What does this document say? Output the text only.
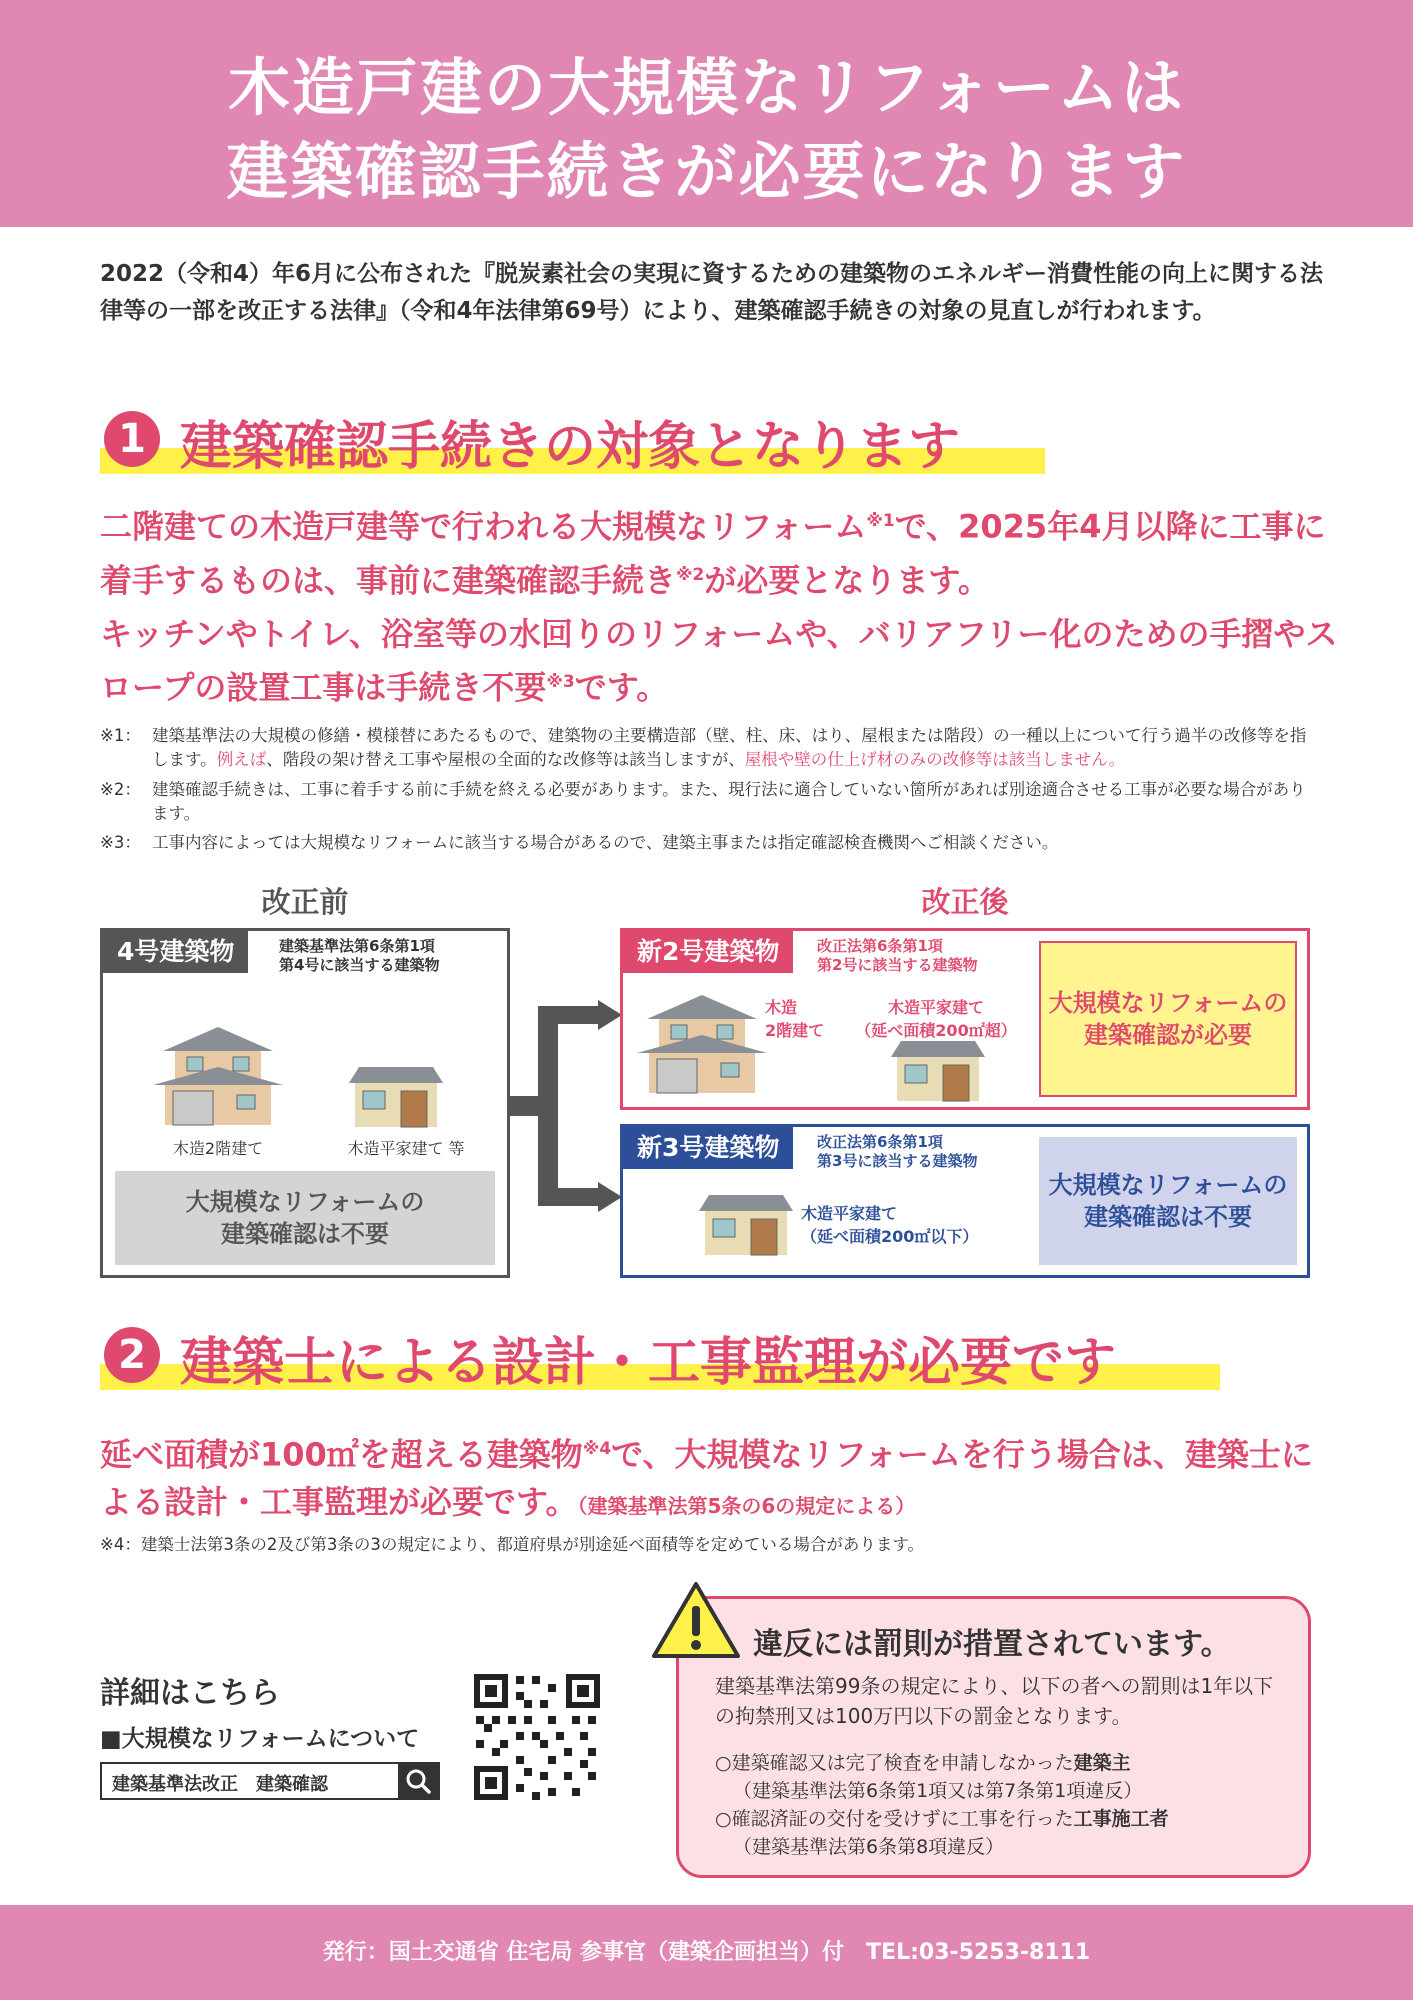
木造戸建の大規模なリフォームは
建築確認手続きが必要になります
2022（令和4）年6月に公布された『脱炭素社会の実現に資するための建築物のエネルギー消費性能の向上に関する法律等の一部を改正する法律』（令和4年法律第69号）により、建築確認手続きの対象の見直しが行われます。
1 建築確認手続きの対象となります
二階建ての木造戸建等で行われる大規模なリフォーム$^{※1}$で、2025年4月以降に工事に着手するものは、事前に建築確認手続き$^{※2}$が必要となります。
キッチンやトイレ、浴室等の水回りのリフォームや、バリアフリー化のための手摺やスロープの設置工事は手続き不要$^{※3}$です。
※1： 建築基準法の大規模の修繕・模様替にあたるもので、建築物の主要構造部（壁、柱、床、はり、屋根または階段）の一種以上について行う過半の改修等を指します。例えば、階段の架け替え工事や屋根の全面的な改修等は該当しますが、屋根や壁の仕上げ材のみの改修等は該当しません。
※2： 建築確認手続きは、工事に着手する前に手続を終える必要があります。また、現行法に適合していない箇所があれば別途適合させる工事が必要な場合があります。
※3： 工事内容によっては大規模なリフォームに該当する場合があるので、建築主事または指定確認検査機関へご相談ください。
改正前	改正後
4号建築物	建築基準法第6条第1項
第4号に該当する建築物
木造2階建て	木造平家建て 等
大規模なリフォームの
建築確認は不要
新2号建築物	改正法第6条第1項
第2号に該当する建築物
木造
2階建て
木造平家建て
（延べ面積200㎡超）
大規模なリフォームの
建築確認が必要
新3号建築物	改正法第6条第1項
第3号に該当する建築物
木造平家建て
（延べ面積200㎡以下）
大規模なリフォームの
建築確認は不要
2 建築士による設計・工事監理が必要です
延べ面積が100㎡を超える建築物$^{※4}$で、大規模なリフォームを行う場合は、建築士による設計・工事監理が必要です。（建築基準法第5条の6の規定による）
※4：建築士法第3条の2及び第3条の3の規定により、都道府県が別途延べ面積等を定めている場合があります。
詳細はこちら
■大規模なリフォームについて
建築基準法改正　建築確認
違反には罰則が措置されています。
建築基準法第99条の規定により、以下の者への罰則は1年以下の拘禁刑又は100万円以下の罰金となります。
○建築確認又は完了検査を申請しなかった建築主
（建築基準法第6条第1項又は第7条第1項違反）
○確認済証の交付を受けずに工事を行った工事施工者
（建築基準法第6条第8項違反）
発行：国土交通省 住宅局 参事官（建築企画担当）付　TEL:03-5253-8111
